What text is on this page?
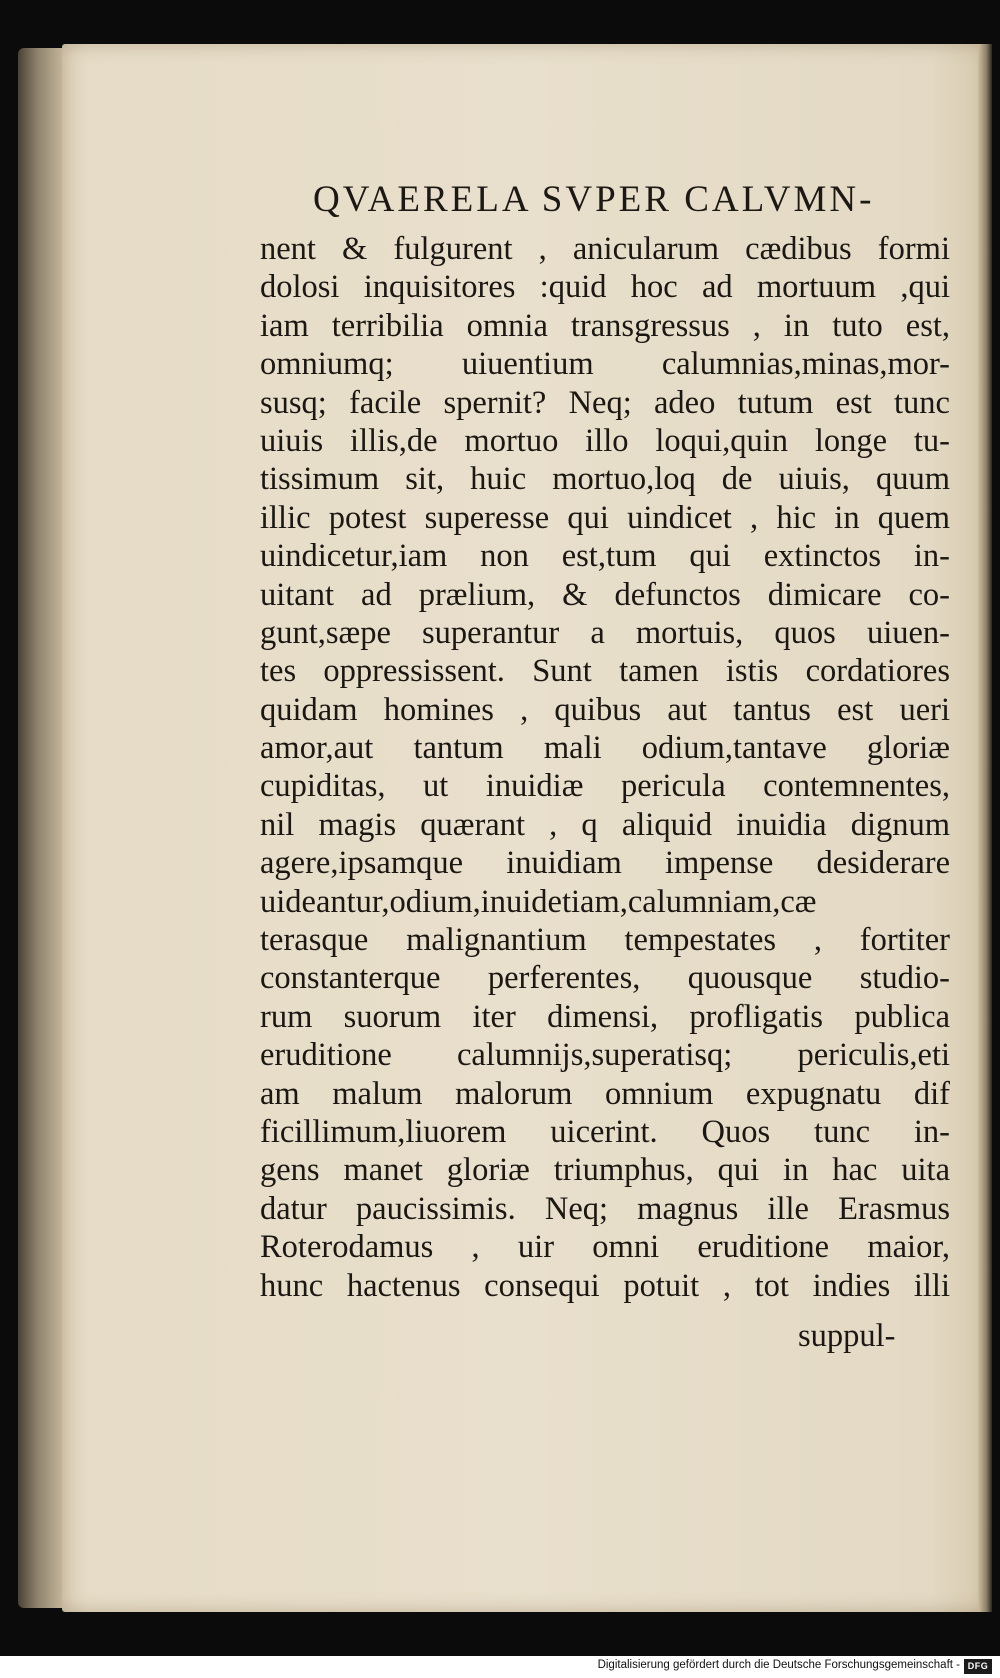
QVAERELA SVPER CALVMN-
nent & fulgurent , anicularum cædibus formi
dolosi inquisitores :quid hoc ad mortuum ,qui
iam terribilia omnia transgressus , in tuto est,
omniumq; uiuentium calumnias,minas,mor-
susq; facile spernit? Neq; adeo tutum est tunc
uiuis illis,de mortuo illo loqui,quin longe tu-
tissimum sit, huic mortuo,loq de uiuis, quum
illic potest superesse qui uindicet , hic in quem
uindicetur,iam non est,tum qui extinctos in-
uitant ad prælium, & defunctos dimicare co-
gunt,sæpe superantur a mortuis, quos uiuen-
tes oppressissent. Sunt tamen istis cordatiores
quidam homines , quibus aut tantus est ueri
amor,aut tantum mali odium,tantave gloriæ
cupiditas, ut inuidiæ pericula contemnentes,
nil magis quærant , q aliquid inuidia dignum
agere,ipsamque inuidiam impense desiderare
uideantur,odium,inuidetiam,calumniam,cæ
terasque malignantium tempestates , fortiter
constanterque perferentes, quousque studio-
rum suorum iter dimensi, profligatis publica
eruditione calumnijs,superatisq; periculis,eti
am malum malorum omnium expugnatu dif
ficillimum,liuorem uicerint. Quos tunc in-
gens manet gloriæ triumphus, qui in hac uita
datur paucissimis. Neq; magnus ille Erasmus
Roterodamus , uir omni eruditione maior,
hunc hactenus consequi potuit , tot indies illi
suppul-
Digitalisierung gefördert durch die Deutsche Forschungsgemeinschaft - DFG
